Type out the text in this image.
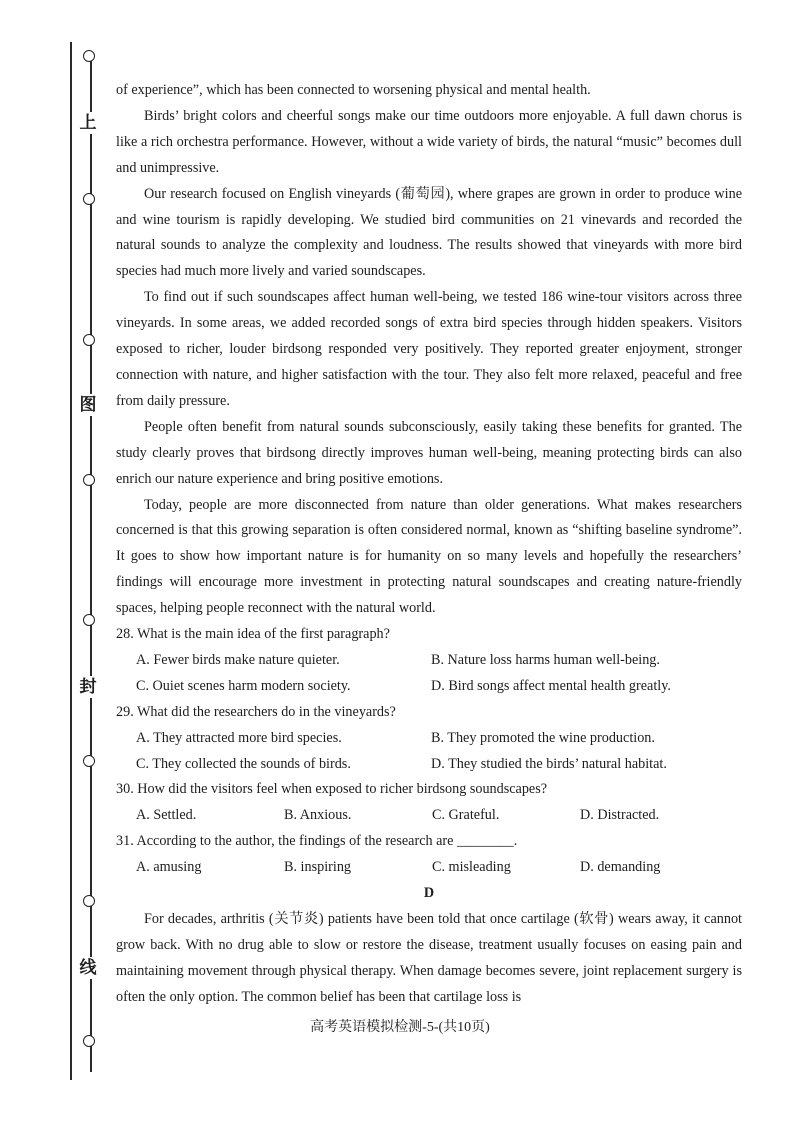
上
图
封
线

of experience”, which has been connected to worsening physical and mental health.

Birds’ bright colors and cheerful songs make our time outdoors more enjoyable. A full dawn chorus is like a rich orchestra performance. However, without a wide variety of birds, the natural “music” becomes dull and unimpressive.

Our research focused on English vineyards (葡萄园), where grapes are grown in order to produce wine and wine tourism is rapidly developing. We studied bird communities on 21 vinevards and recorded the natural sounds to analyze the complexity and loudness. The results showed that vineyards with more bird species had much more lively and varied soundscapes.

To find out if such soundscapes affect human well-being, we tested 186 wine-tour visitors across three vineyards. In some areas, we added recorded songs of extra bird species through hidden speakers. Visitors exposed to richer, louder birdsong responded very positively. They reported greater enjoyment, stronger connection with nature, and higher satisfaction with the tour. They also felt more relaxed, peaceful and free from daily pressure.

People often benefit from natural sounds subconsciously, easily taking these benefits for granted. The study clearly proves that birdsong directly improves human well-being, meaning protecting birds can also enrich our nature experience and bring positive emotions.

Today, people are more disconnected from nature than older generations. What makes researchers concerned is that this growing separation is often considered normal, known as “shifting baseline syndrome”. It goes to show how important nature is for humanity on so many levels and hopefully the researchers’ findings will encourage more investment in protecting natural soundscapes and creating nature-friendly spaces, helping people reconnect with the natural world.

28. What is the main idea of the first paragraph?
A. Fewer birds make nature quieter.	B. Nature loss harms human well-being.
C. Ouiet scenes harm modern society.	D. Bird songs affect mental health greatly.
29. What did the researchers do in the vineyards?
A. They attracted more bird species.	B. They promoted the wine production.
C. They collected the sounds of birds.	D. They studied the birds’ natural habitat.
30. How did the visitors feel when exposed to richer birdsong soundscapes?
A. Settled.	B. Anxious.	C. Grateful.	D. Distracted.
31. According to the author, the findings of the research are ________.
A. amusing	B. inspiring	C. misleading	D. demanding
D

For decades, arthritis (关节炎) patients have been told that once cartilage (软骨) wears away, it cannot grow back. With no drug able to slow or restore the disease, treatment usually focuses on easing pain and maintaining movement through physical therapy. When damage becomes severe, joint replacement surgery is often the only option. The common belief has been that cartilage loss is

高考英语模拟检测-5-(共10页)
